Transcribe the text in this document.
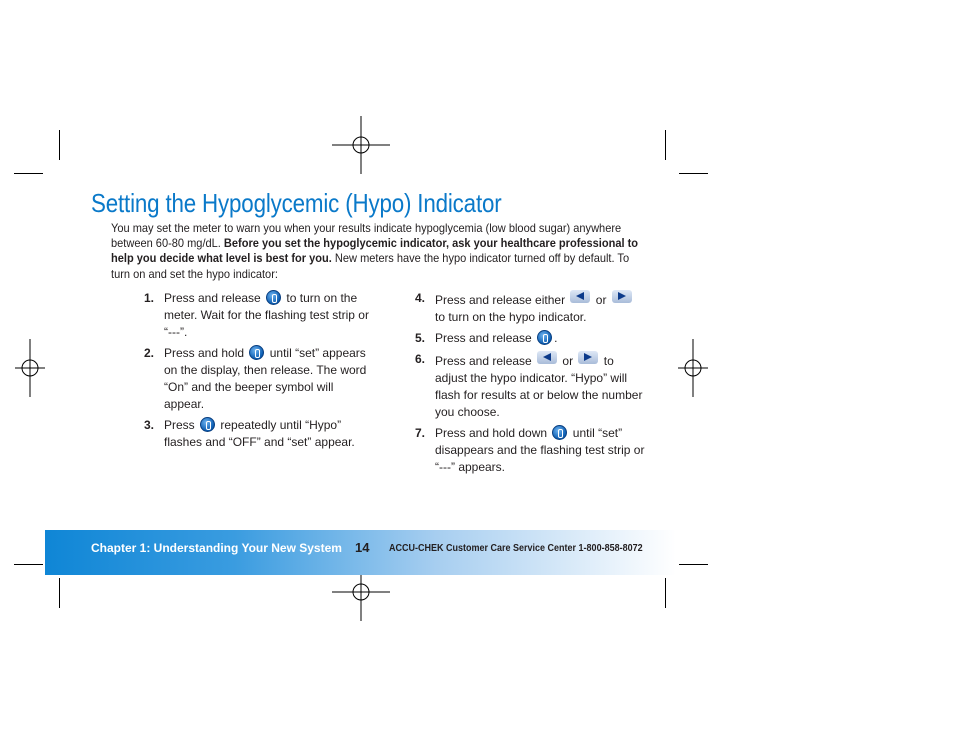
Setting the Hypoglycemic (Hypo) Indicator
You may set the meter to warn you when your results indicate hypoglycemia (low blood sugar) anywhere between 60-80 mg/dL. Before you set the hypoglycemic indicator, ask your healthcare professional to help you decide what level is best for you. New meters have the hypo indicator turned off by default. To turn on and set the hypo indicator:
1. Press and release to turn on the meter. Wait for the flashing test strip or “---”.
2. Press and hold until “set” appears on the display, then release. The word “On” and the beeper symbol will appear.
3. Press repeatedly until “Hypo” flashes and “OFF” and “set” appear.
4. Press and release either	or  to turn on the hypo indicator.
5. Press and release .
6. Press and release	or	to adjust the hypo indicator. “Hypo” will flash for results at or below the number you choose.
7. Press and hold down until “set” disappears and the flashing test strip or “---” appears.
Chapter 1: Understanding Your New System 14 ACCU-CHEK Customer Care Service Center 1-800-858-8072
